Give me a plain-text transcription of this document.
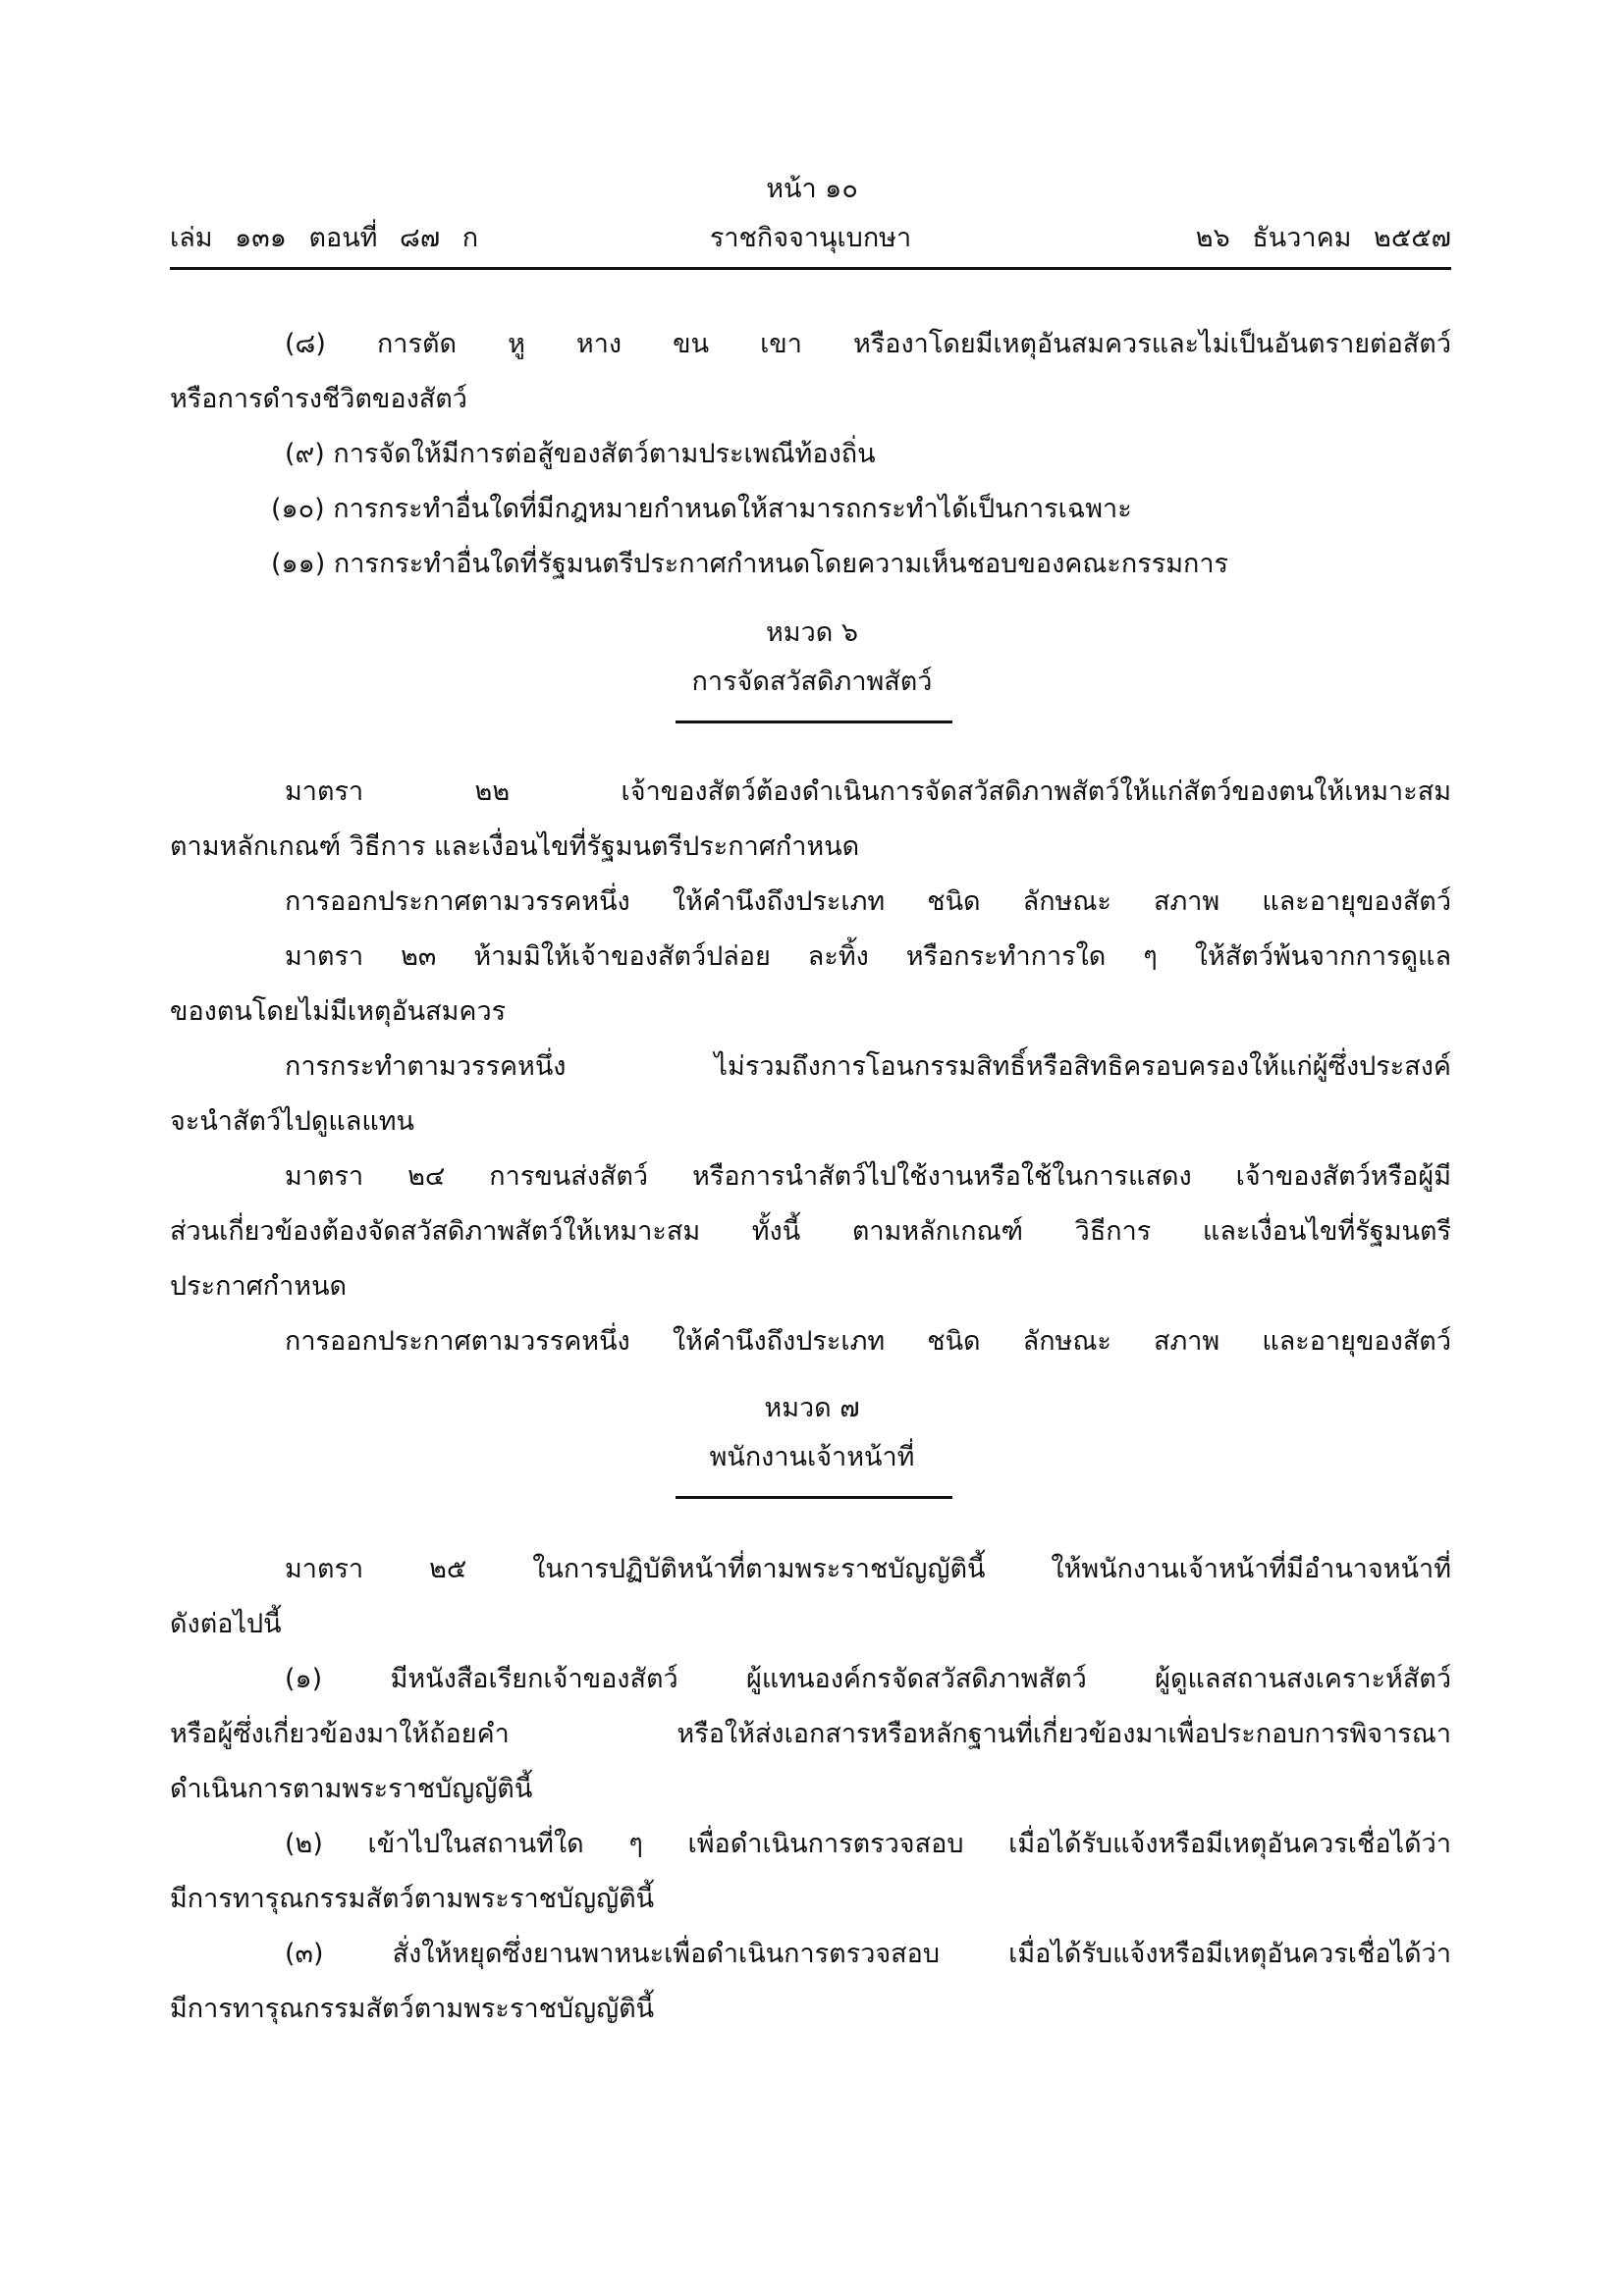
หน้า ๑๐
เล่ม ๑๓๑ ตอนที่ ๘๗ ก	ราชกิจจานุเบกษา	๒๖ ธันวาคม ๒๕๕๗
(๘) การตัด หู หาง ขน เขา หรืองาโดยมีเหตุอันสมควรและไม่เป็นอันตรายต่อสัตว์
หรือการดำรงชีวิตของสัตว์
(๙) การจัดให้มีการต่อสู้ของสัตว์ตามประเพณีท้องถิ่น
(๑๐) การกระทำอื่นใดที่มีกฎหมายกำหนดให้สามารถกระทำได้เป็นการเฉพาะ
(๑๑) การกระทำอื่นใดที่รัฐมนตรีประกาศกำหนดโดยความเห็นชอบของคณะกรรมการ
หมวด ๖
การจัดสวัสดิภาพสัตว์
มาตรา ๒๒ เจ้าของสัตว์ต้องดำเนินการจัดสวัสดิภาพสัตว์ให้แก่สัตว์ของตนให้เหมาะสม
ตามหลักเกณฑ์ วิธีการ และเงื่อนไขที่รัฐมนตรีประกาศกำหนด
การออกประกาศตามวรรคหนึ่ง ให้คำนึงถึงประเภท ชนิด ลักษณะ สภาพ และอายุของสัตว์
มาตรา ๒๓ ห้ามมิให้เจ้าของสัตว์ปล่อย ละทิ้ง หรือกระทำการใด ๆ ให้สัตว์พ้นจากการดูแล
ของตนโดยไม่มีเหตุอันสมควร
การกระทำตามวรรคหนึ่ง ไม่รวมถึงการโอนกรรมสิทธิ์หรือสิทธิครอบครองให้แก่ผู้ซึ่งประสงค์
จะนำสัตว์ไปดูแลแทน
มาตรา ๒๔ การขนส่งสัตว์ หรือการนำสัตว์ไปใช้งานหรือใช้ในการแสดง เจ้าของสัตว์หรือผู้มี
ส่วนเกี่ยวข้องต้องจัดสวัสดิภาพสัตว์ให้เหมาะสม ทั้งนี้ ตามหลักเกณฑ์ วิธีการ และเงื่อนไขที่รัฐมนตรี
ประกาศกำหนด
การออกประกาศตามวรรคหนึ่ง ให้คำนึงถึงประเภท ชนิด ลักษณะ สภาพ และอายุของสัตว์
หมวด ๗
พนักงานเจ้าหน้าที่
มาตรา ๒๕ ในการปฏิบัติหน้าที่ตามพระราชบัญญัตินี้ ให้พนักงานเจ้าหน้าที่มีอำนาจหน้าที่
ดังต่อไปนี้
(๑) มีหนังสือเรียกเจ้าของสัตว์ ผู้แทนองค์กรจัดสวัสดิภาพสัตว์ ผู้ดูแลสถานสงเคราะห์สัตว์
หรือผู้ซึ่งเกี่ยวข้องมาให้ถ้อยคำ หรือให้ส่งเอกสารหรือหลักฐานที่เกี่ยวข้องมาเพื่อประกอบการพิจารณา
ดำเนินการตามพระราชบัญญัตินี้
(๒) เข้าไปในสถานที่ใด ๆ เพื่อดำเนินการตรวจสอบ เมื่อได้รับแจ้งหรือมีเหตุอันควรเชื่อได้ว่า
มีการทารุณกรรมสัตว์ตามพระราชบัญญัตินี้
(๓) สั่งให้หยุดซึ่งยานพาหนะเพื่อดำเนินการตรวจสอบ เมื่อได้รับแจ้งหรือมีเหตุอันควรเชื่อได้ว่า
มีการทารุณกรรมสัตว์ตามพระราชบัญญัตินี้
